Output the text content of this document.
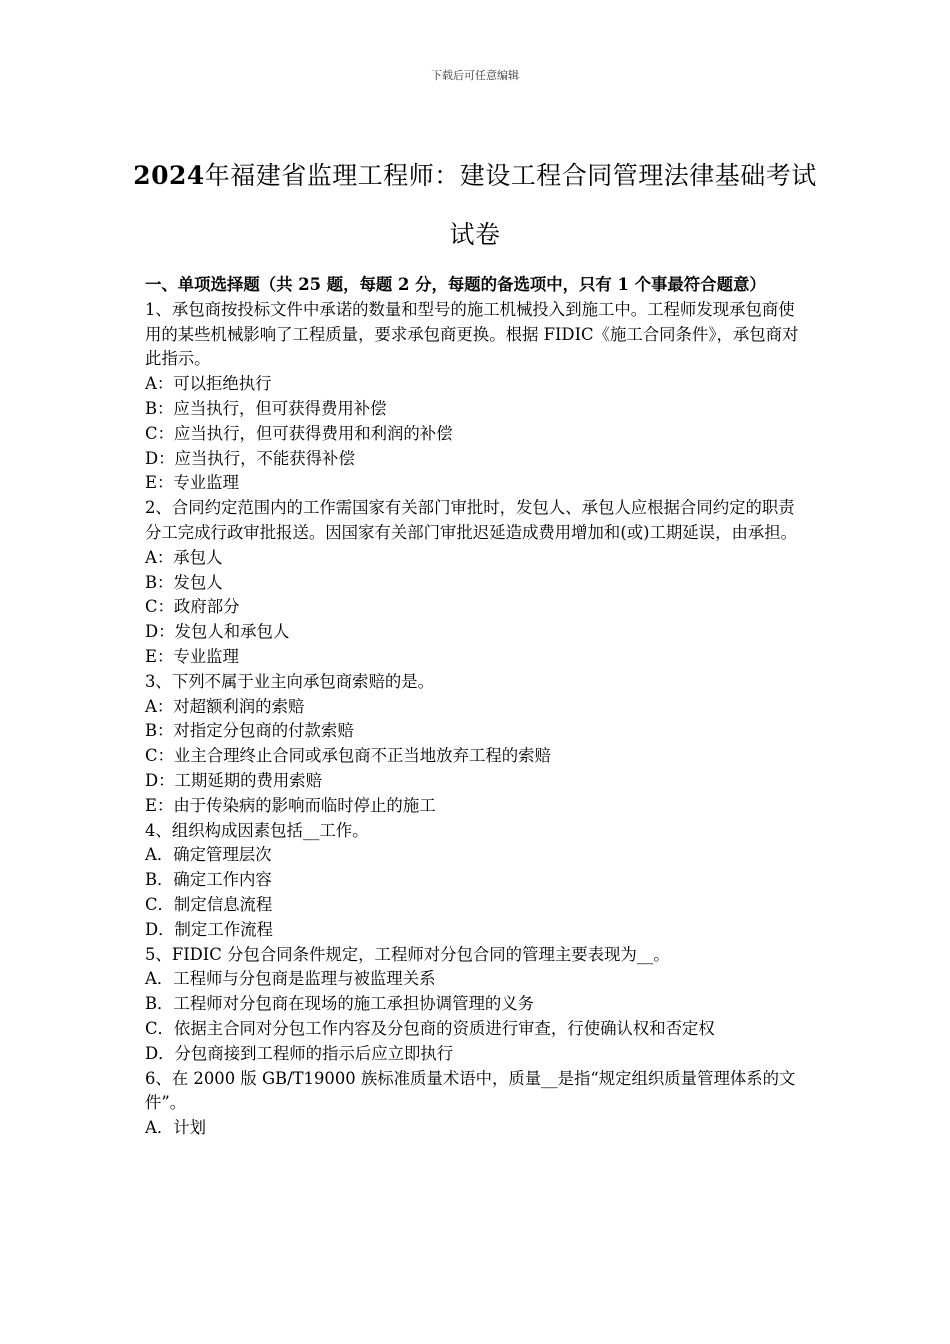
下载后可任意编辑
2024年福建省监理工程师：建设工程合同管理法律基础考试试卷
一、单项选择题（共 25 题，每题 2 分，每题的备选项中，只有 1 个事最符合题意）
1、承包商按投标文件中承诺的数量和型号的施工机械投入到施工中。工程师发现承包商使用的某些机械影响了工程质量，要求承包商更换。根据 FIDIC《施工合同条件》，承包商对此指示。
A：可以拒绝执行
B：应当执行，但可获得费用补偿
C：应当执行，但可获得费用和利润的补偿
D：应当执行，不能获得补偿
E：专业监理
2、合同约定范围内的工作需国家有关部门审批时，发包人、承包人应根据合同约定的职责分工完成行政审批报送。因国家有关部门审批迟延造成费用增加和(或)工期延误，由承担。
A：承包人
B：发包人
C：政府部分
D：发包人和承包人
E：专业监理
3、下列不属于业主向承包商索赔的是。
A：对超额利润的索赔
B：对指定分包商的付款索赔
C：业主合理终止合同或承包商不正当地放弃工程的索赔
D：工期延期的费用索赔
E：由于传染病的影响而临时停止的施工
4、组织构成因素包括__工作。
A．确定管理层次
B．确定工作内容
C．制定信息流程
D．制定工作流程
5、FIDIC 分包合同条件规定，工程师对分包合同的管理主要表现为__。
A．工程师与分包商是监理与被监理关系
B．工程师对分包商在现场的施工承担协调管理的义务
C．依据主合同对分包工作内容及分包商的资质进行审查，行使确认权和否定权
D．分包商接到工程师的指示后应立即执行
6、在 2000 版 GB/T19000 族标准质量术语中，质量__是指“规定组织质量管理体系的文件”。
A．计划
